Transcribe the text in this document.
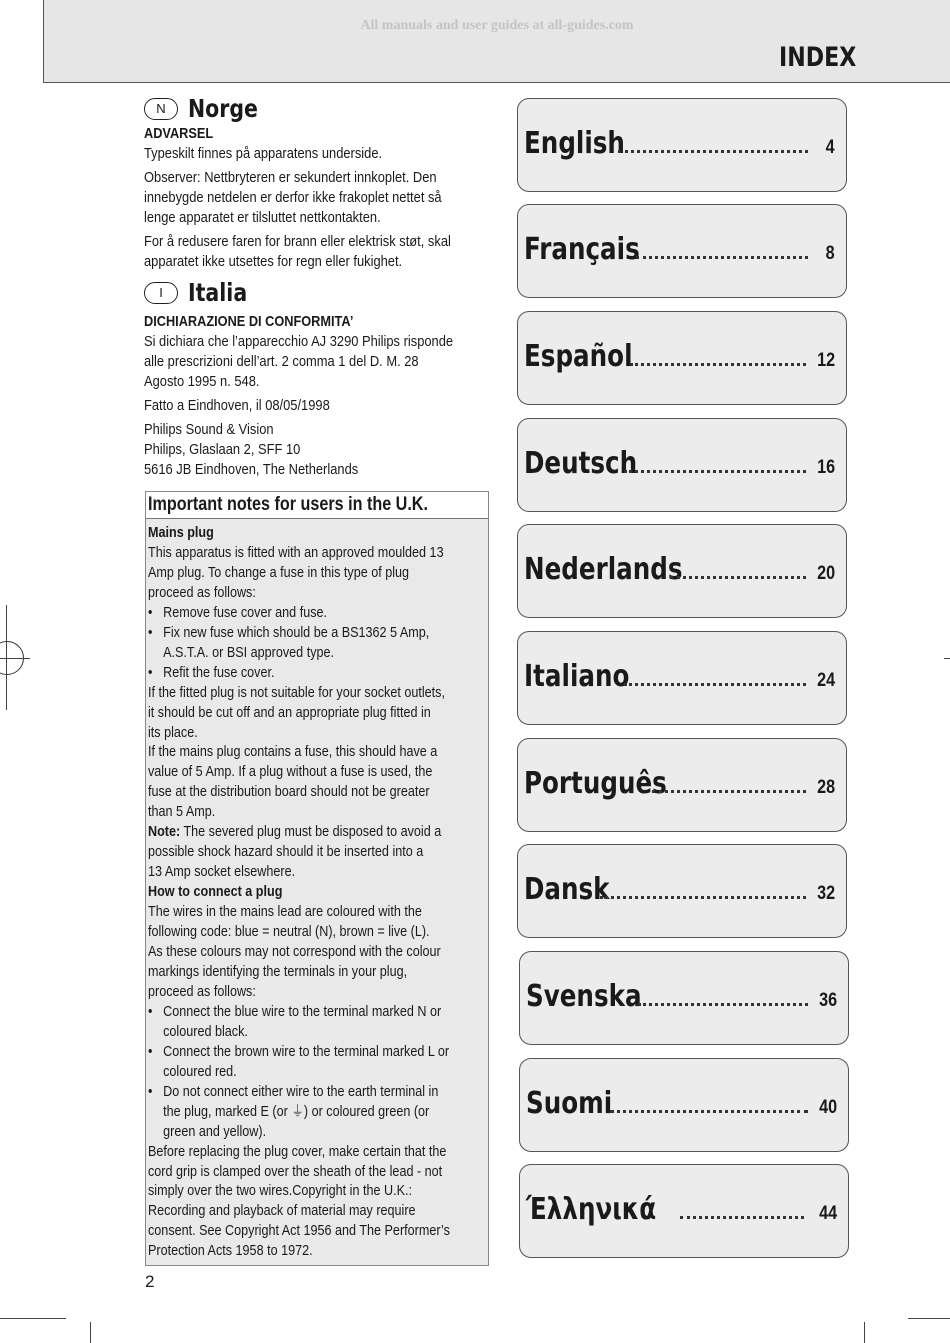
All manuals and user guides at all-guides.com
INDEX
N Norge
ADVARSEL
Typeskilt finnes på apparatens underside.
Observer: Nettbryteren er sekundert innkoplet. Den
innebygde netdelen er derfor ikke frakoplet nettet så
lenge apparatet er tilsluttet nettkontakten.
For å redusere faren for brann eller elektrisk støt, skal
apparatet ikke utsettes for regn eller fukighet.
I	Italia
DICHIARAZIONE DI CONFORMITA’
Si dichiara che l’apparecchio AJ 3290 Philips risponde
alle prescrizioni dell’art. 2 comma 1 del D. M. 28
Agosto 1995 n. 548.
Fatto a Eindhoven, il 08/05/1998
Philips Sound & Vision
Philips, Glaslaan 2, SFF 10
5616 JB Eindhoven, The Netherlands
Important notes for users in the U.K.
Mains plug
This apparatus is fitted with an approved moulded 13
Amp plug. To change a fuse in this type of plug
proceed as follows:
• Remove fuse cover and fuse.
• Fix new fuse which should be a BS1362 5 Amp,
A.S.T.A. or BSI approved type.
• Refit the fuse cover.
If the fitted plug is not suitable for your socket outlets,
it should be cut off and an appropriate plug fitted in
its place.
If the mains plug contains a fuse, this should have a
value of 5 Amp. If a plug without a fuse is used, the
fuse at the distribution board should not be greater
than 5 Amp.
Note: The severed plug must be disposed to avoid a
possible shock hazard should it be inserted into a
13 Amp socket elsewhere.
How to connect a plug
The wires in the mains lead are coloured with the
following code: blue = neutral (N), brown = live (L).
As these colours may not correspond with the colour
markings identifying the terminals in your plug,
proceed as follows:
• Connect the blue wire to the terminal marked N or
coloured black.
• Connect the brown wire to the terminal marked L or
coloured red.
• Do not connect either wire to the earth terminal in
the plug, marked E (or ⏚) or coloured green (or
green and yellow).
Before replacing the plug cover, make certain that the
cord grip is clamped over the sheath of the lead - not
simply over the two wires.Copyright in the U.K.:
Recording and playback of material may require
consent. See Copyright Act 1956 and The Performer’s
Protection Acts 1958 to 1972.
2
English	4
Français	8
Español	12
Deutsch	16
Nederlands	20
Italiano	24
Português	28
Dansk	32
Svenska	36
Suomi	40
Έλληνικά	44
